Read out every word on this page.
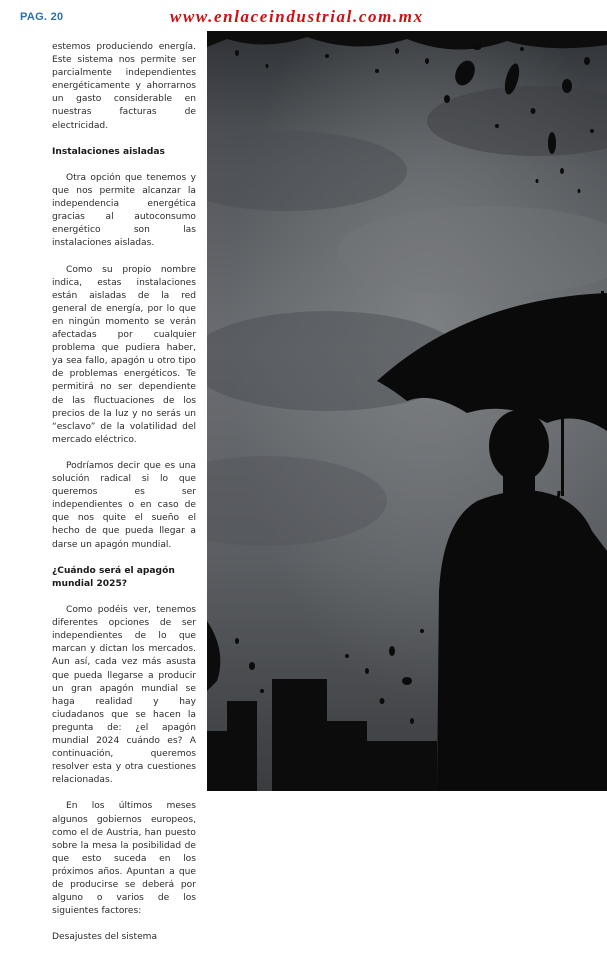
PAG. 20	www.enlaceindustrial.com.mx

estemos produciendo energía. Este sistema nos permite ser parcialmente independientes energéticamente y ahorrarnos un gasto considerable en nuestras facturas de electricidad.

Instalaciones aisladas

Otra opción que tenemos y que nos permite alcanzar la independencia energética gracias al autoconsumo energético son las instalaciones aisladas.

Como su propio nombre indica, estas instalaciones están aisladas de la red general de energía, por lo que en ningún momento se verán afectadas por cualquier problema que pudiera haber, ya sea fallo, apagón u otro tipo de problemas energéticos. Te permitirá no ser dependiente de las fluctuaciones de los precios de la luz y no serás un “esclavo” de la volatilidad del mercado eléctrico.

Podríamos decir que es una solución radical si lo que queremos es ser independientes o en caso de que nos quite el sueño el hecho de que pueda llegar a darse un apagón mundial.

¿Cuándo será el apagón mundial 2025?

Como podéis ver, tenemos diferentes opciones de ser independientes de lo que marcan y dictan los mercados. Aun así, cada vez más asusta que pueda llegarse a producir un gran apagón mundial se haga realidad y hay ciudadanos que se hacen la pregunta de: ¿el apagón mundial 2024 cuándo es? A continuación, queremos resolver esta y otra cuestiones relacionadas.

En los últimos meses algunos gobiernos europeos, como el de Austria, han puesto sobre la mesa la posibilidad de que esto suceda en los próximos años. Apuntan a que de producirse se deberá por alguno o varios de los siguientes factores:

Desajustes del sistema
